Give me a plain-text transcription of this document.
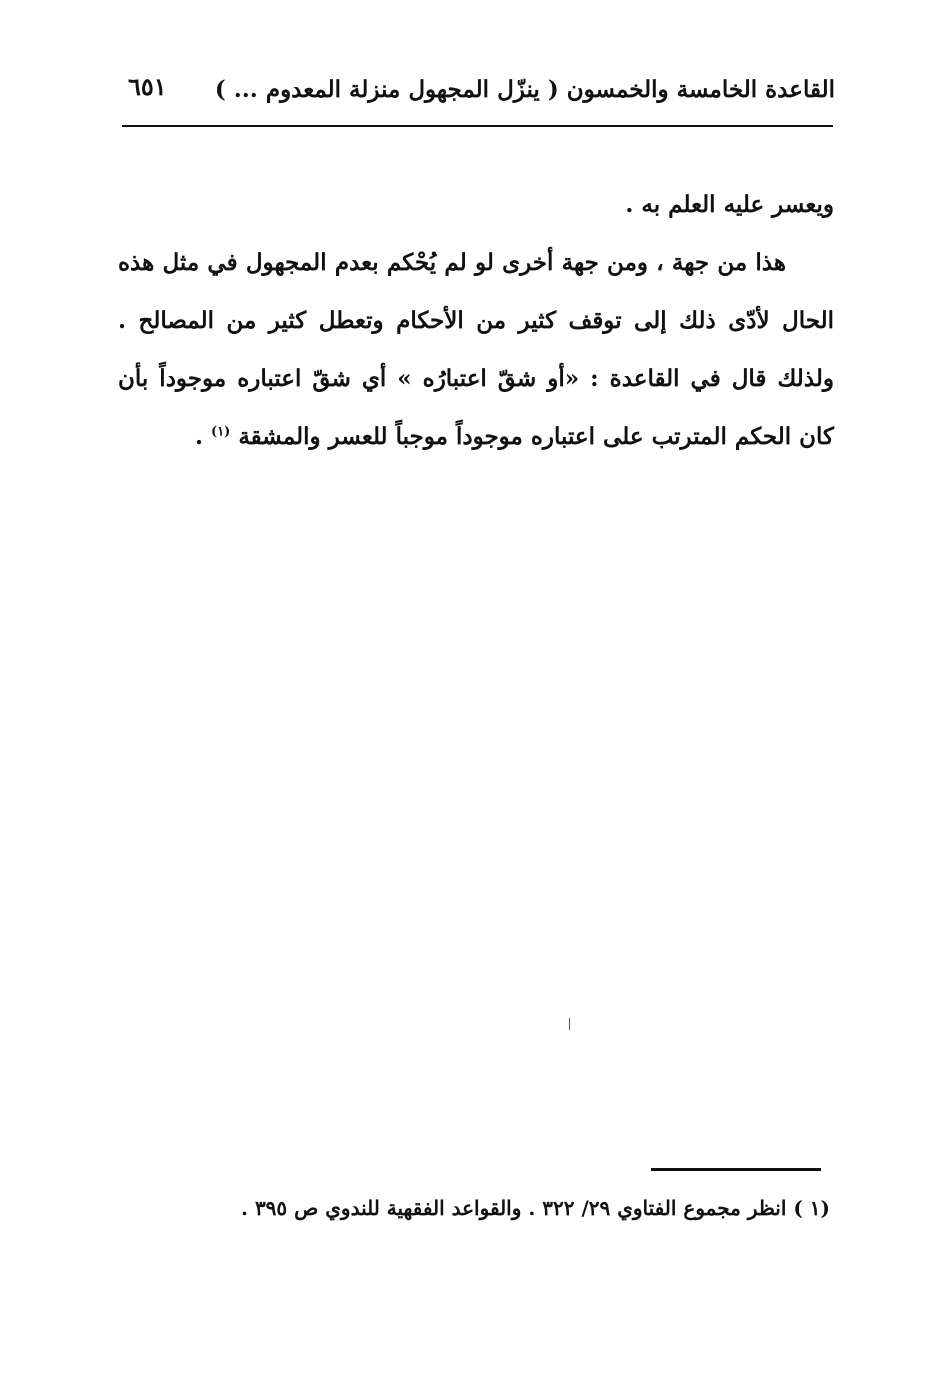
القاعدة الخامسة والخمسون ( ينزّل المجهول منزلة المعدوم ... )
٦٥١

ويعسر عليه العلم به .

هذا من جهة ، ومن جهة أخرى لو لم يُحْكم بعدم المجهول في مثل هذه الحال لأدّى ذلك إلى توقف كثير من الأحكام وتعطل كثير من المصالح . ولذلك قال في القاعدة : «أو شقّ اعتبارُه » أي شقّ اعتباره موجوداً بأن كان الحكم المترتب على اعتباره موجوداً موجباً للعسر والمشقة $^{(١)}$ .

(١ ) انظر مجموع الفتاوي ٢٩/ ٣٢٢ . والقواعد الفقهية للندوي ص ٣٩٥ .
